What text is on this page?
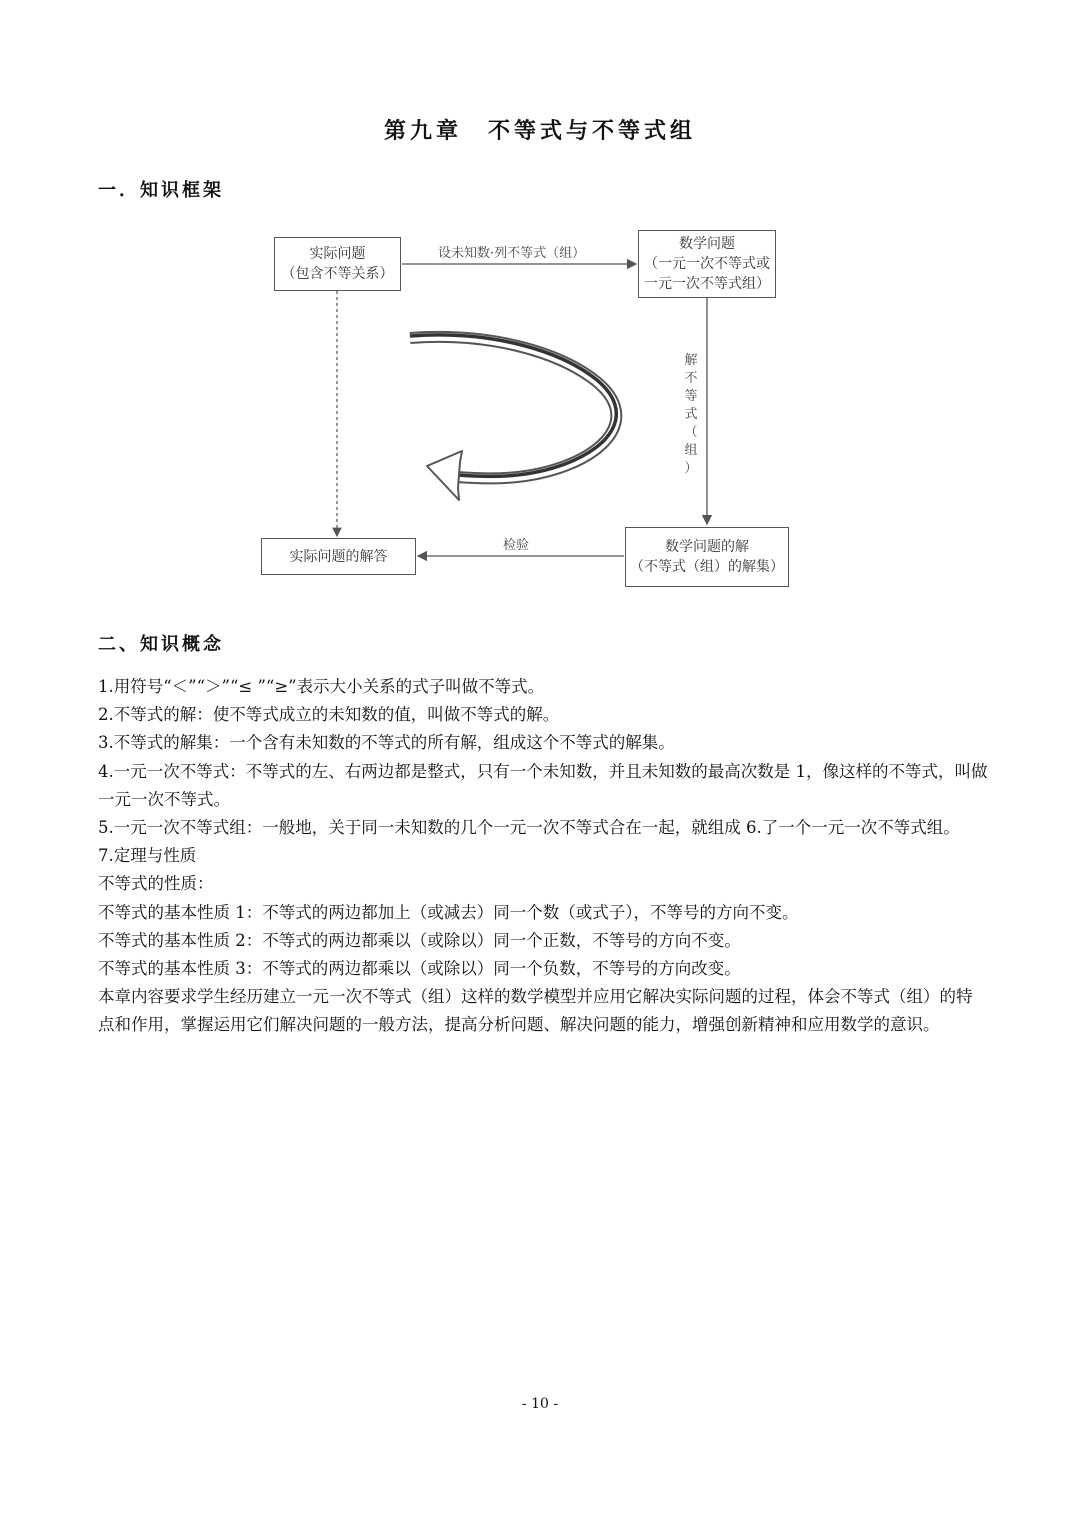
第九章　不等式与不等式组
一．知识框架
实际问题
（包含不等关系）
数学问题
（一元一次不等式或
一元一次不等式组）
数学问题的解
（不等式（组）的解集）
实际问题的解答
设未知数·列不等式（组）
解
不
等
式
（
组
）
检验
二、知识概念

1.用符号“＜”“＞”“≤ ”“≥”表示大小关系的式子叫做不等式。

2.不等式的解：使不等式成立的未知数的值，叫做不等式的解。

3.不等式的解集：一个含有未知数的不等式的所有解，组成这个不等式的解集。

4.一元一次不等式：不等式的左、右两边都是整式，只有一个未知数，并且未知数的最高次数是 1，像这样的不等式，叫做一元一次不等式。

5.一元一次不等式组：一般地，关于同一未知数的几个一元一次不等式合在一起，就组成 6.了一个一元一次不等式组。

7.定理与性质

不等式的性质：

不等式的基本性质 1：不等式的两边都加上（或减去）同一个数（或式子），不等号的方向不变。

不等式的基本性质 2：不等式的两边都乘以（或除以）同一个正数，不等号的方向不变。

不等式的基本性质 3：不等式的两边都乘以（或除以）同一个负数，不等号的方向改变。

本章内容要求学生经历建立一元一次不等式（组）这样的数学模型并应用它解决实际问题的过程，体会不等式（组）的特点和作用，掌握运用它们解决问题的一般方法，提高分析问题、解决问题的能力，增强创新精神和应用数学的意识。

- 10 -
